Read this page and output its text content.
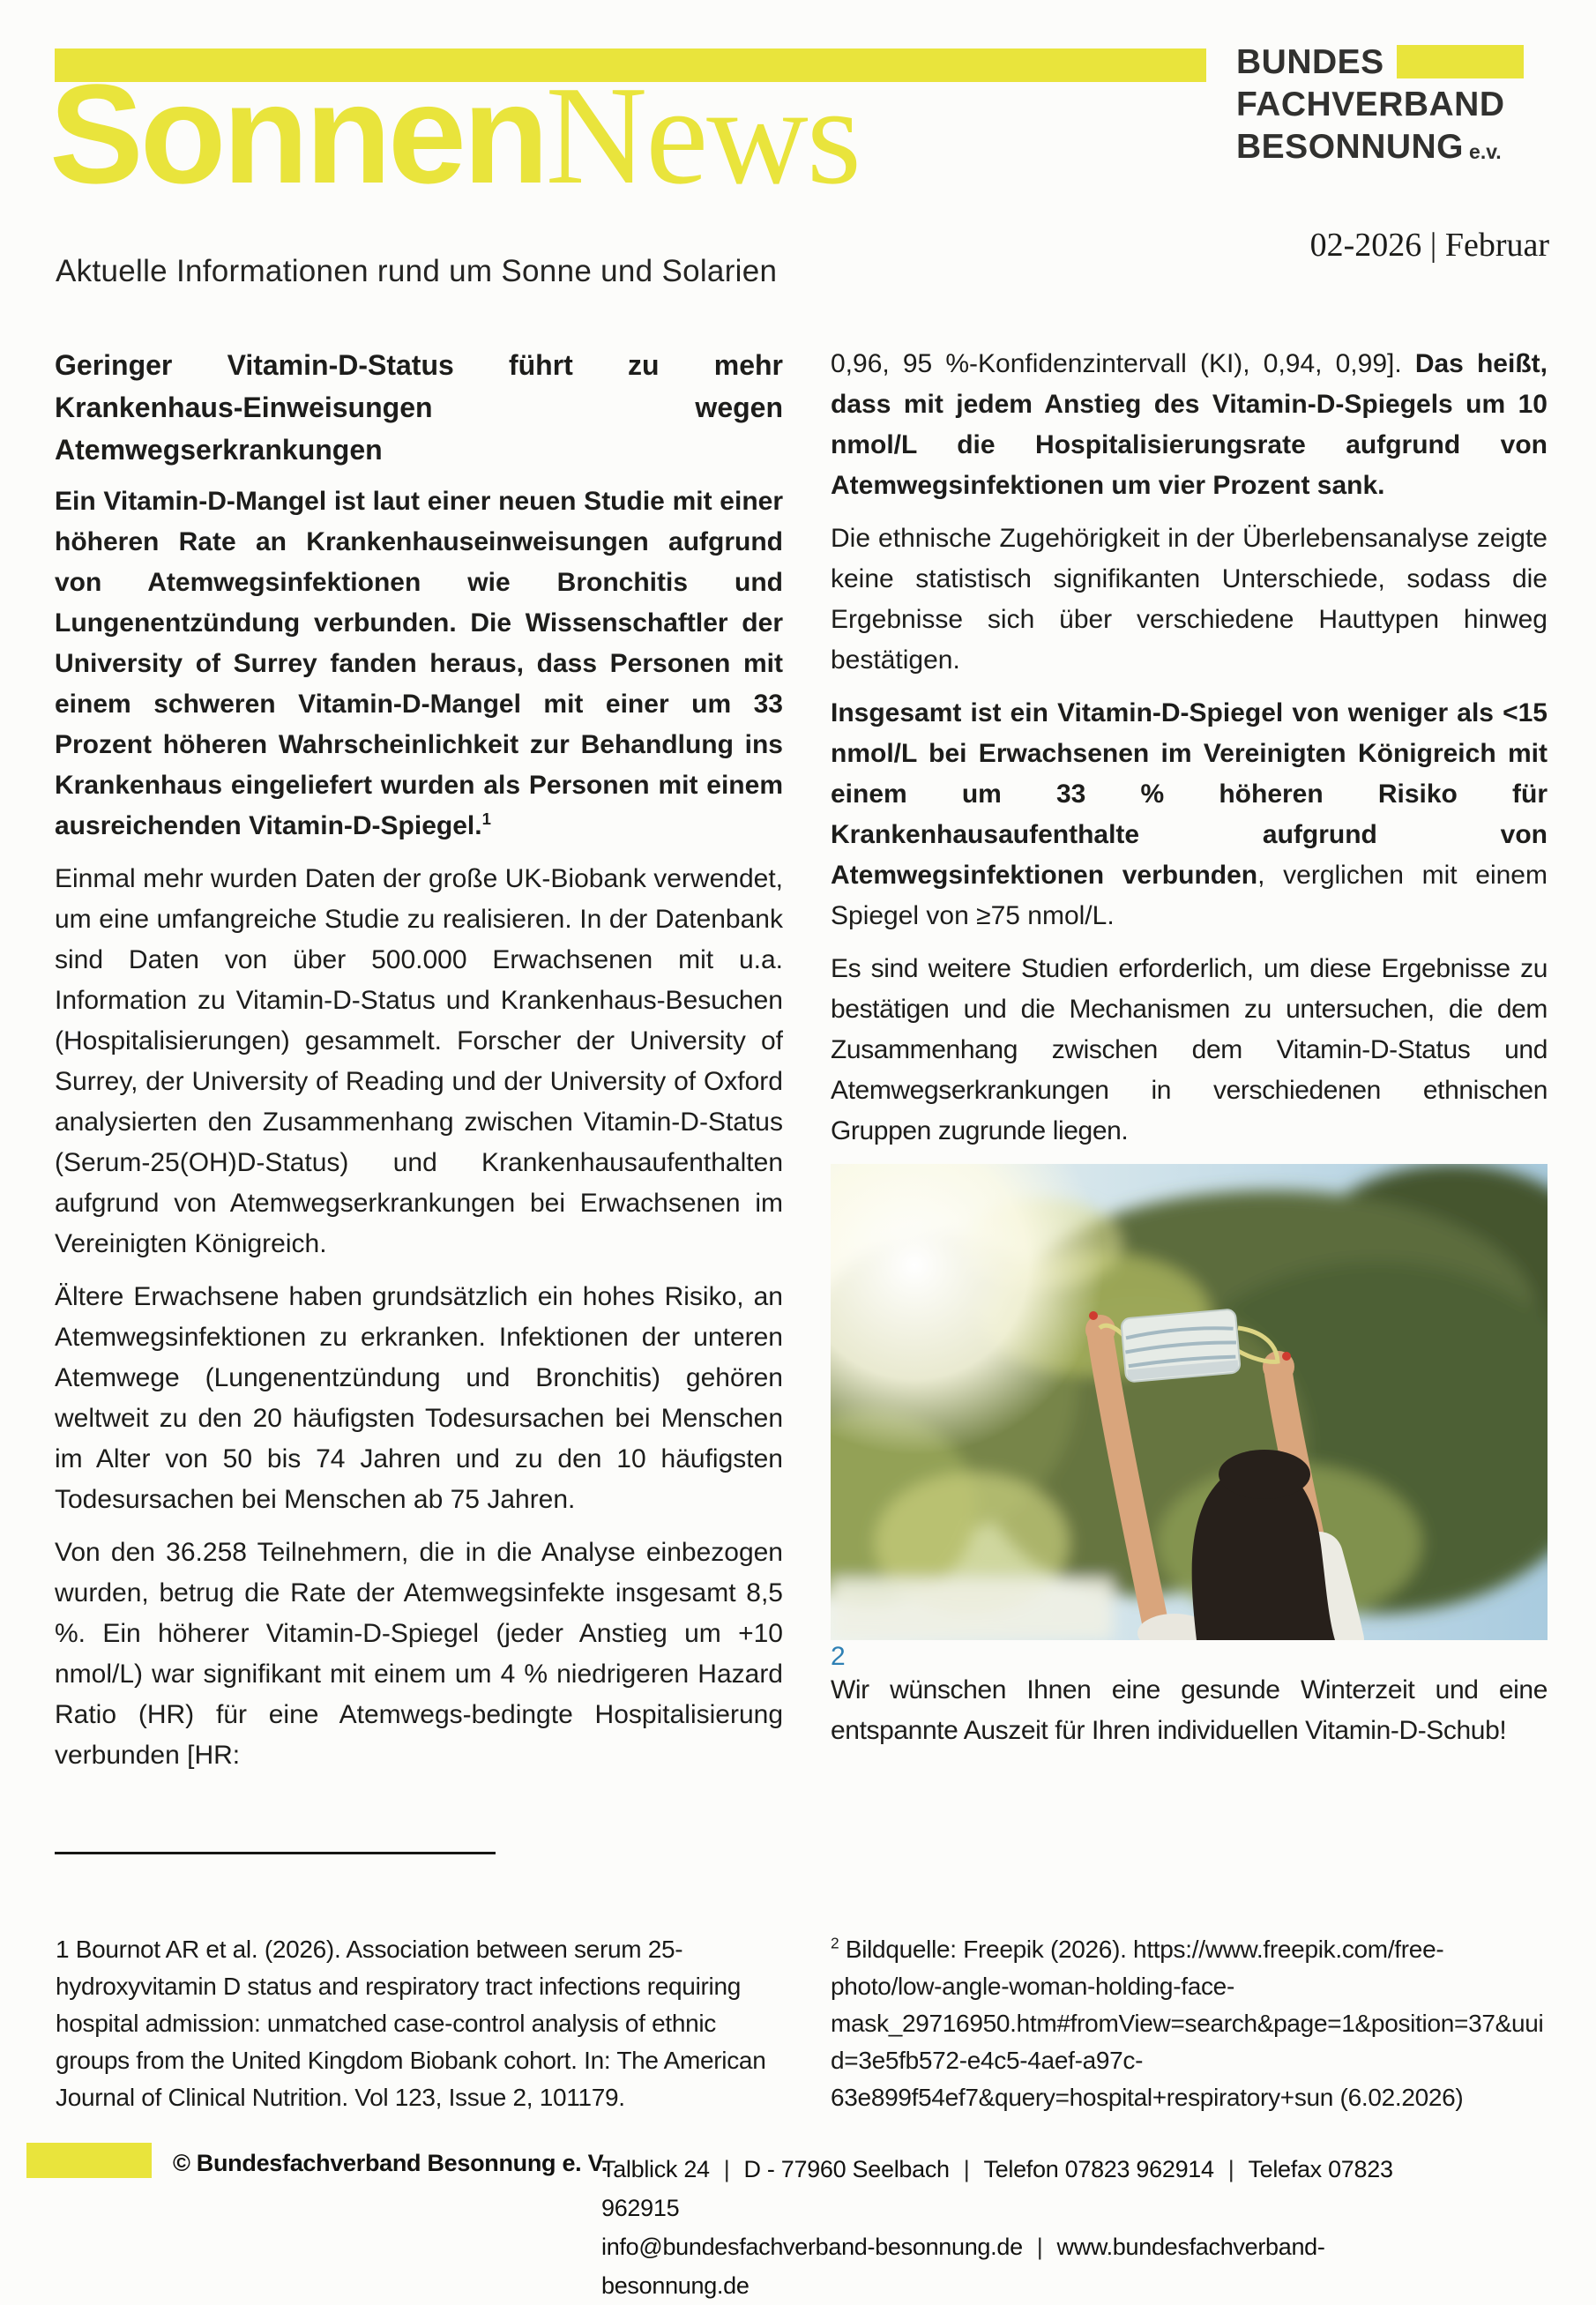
SonnenNews	BUNDES
FACHVERBAND
BESONNUNG e.v.
02-2026 | Februar
Aktuelle Informationen rund um Sonne und Solarien
Geringer Vitamin-D-Status führt zu mehr Krankenhaus-Einweisungen wegen Atemwegserkrankungen

Ein Vitamin-D-Mangel ist laut einer neuen Studie mit einer höheren Rate an Krankenhauseinweisungen aufgrund von Atemwegsinfektionen wie Bronchitis und Lungenentzündung verbunden. Die Wissenschaftler der University of Surrey fanden heraus, dass Personen mit einem schweren Vitamin-D-Mangel mit einer um 33 Prozent höheren Wahrscheinlichkeit zur Behandlung ins Krankenhaus eingeliefert wurden als Personen mit einem ausreichenden Vitamin-D-Spiegel.$^1$

Einmal mehr wurden Daten der große UK-Biobank verwendet, um eine umfangreiche Studie zu realisieren. In der Datenbank sind Daten von über 500.000 Erwachsenen mit u.a. Information zu Vitamin-D-Status und Krankenhaus-Besuchen (Hospitalisierungen) gesammelt. Forscher der University of Surrey, der University of Reading und der University of Oxford analysierten den Zusammenhang zwischen Vitamin-D-Status (Serum-25(OH)D-Status) und Krankenhausaufenthalten aufgrund von Atemwegserkrankungen bei Erwachsenen im Vereinigten Königreich.

Ältere Erwachsene haben grundsätzlich ein hohes Risiko, an Atemwegsinfektionen zu erkranken. Infektionen der unteren Atemwege (Lungenentzündung und Bronchitis) gehören weltweit zu den 20 häufigsten Todesursachen bei Menschen im Alter von 50 bis 74 Jahren und zu den 10 häufigsten Todesursachen bei Menschen ab 75 Jahren.

Von den 36.258 Teilnehmern, die in die Analyse einbezogen wurden, betrug die Rate der Atemwegsinfekte insgesamt 8,5 %. Ein höherer Vitamin-D-Spiegel (jeder Anstieg um +10 nmol/L) war signifikant mit einem um 4 % niedrigeren Hazard Ratio (HR) für eine Atemwegs-bedingte Hospitalisierung verbunden [HR:

0,96, 95 %-Konfidenzintervall (KI), 0,94, 0,99]. Das heißt, dass mit jedem Anstieg des Vitamin-D-Spiegels um 10 nmol/L die Hospitalisierungsrate aufgrund von Atemwegsinfektionen um vier Prozent sank.

Die ethnische Zugehörigkeit in der Überlebensanalyse zeigte keine statistisch signifikanten Unterschiede, sodass die Ergebnisse sich über verschiedene Hauttypen hinweg bestätigen.

Insgesamt ist ein Vitamin-D-Spiegel von weniger als <15 nmol/L bei Erwachsenen im Vereinigten Königreich mit einem um 33 % höheren Risiko für Krankenhausaufenthalte aufgrund von Atemwegsinfektionen verbunden, verglichen mit einem Spiegel von ≥75 nmol/L.

Es sind weitere Studien erforderlich, um diese Ergebnisse zu bestätigen und die Mechanismen zu untersuchen, die dem Zusammenhang zwischen dem Vitamin-D-Status und Atemwegserkrankungen in verschiedenen ethnischen Gruppen zugrunde liegen.

2

Wir wünschen Ihnen eine gesunde Winterzeit und eine entspannte Auszeit für Ihren individuellen Vitamin-D-Schub!

1 Bournot AR et al. (2026). Association between serum 25-hydroxyvitamin D status and respiratory tract infections requiring hospital admission: unmatched case-control analysis of ethnic groups from the United Kingdom Biobank cohort. In: The American Journal of Clinical Nutrition. Vol 123, Issue 2, 101179.

$^2$ Bildquelle: Freepik (2026). https://www.freepik.com/free-photo/low-angle-woman-holding-face-mask_29716950.htm#fromView=search&page=1&position=37&uuid=3e5fb572-e4c5-4aef-a97c-63e899f54ef7&query=hospital+respiratory+sun (6.02.2026)

© Bundesfachverband Besonnung e. V.
Talblick 24 | D - 77960 Seelbach | Telefon 07823 962914 | Telefax 07823 962915
info@bundesfachverband-besonnung.de | www.bundesfachverband-besonnung.de
